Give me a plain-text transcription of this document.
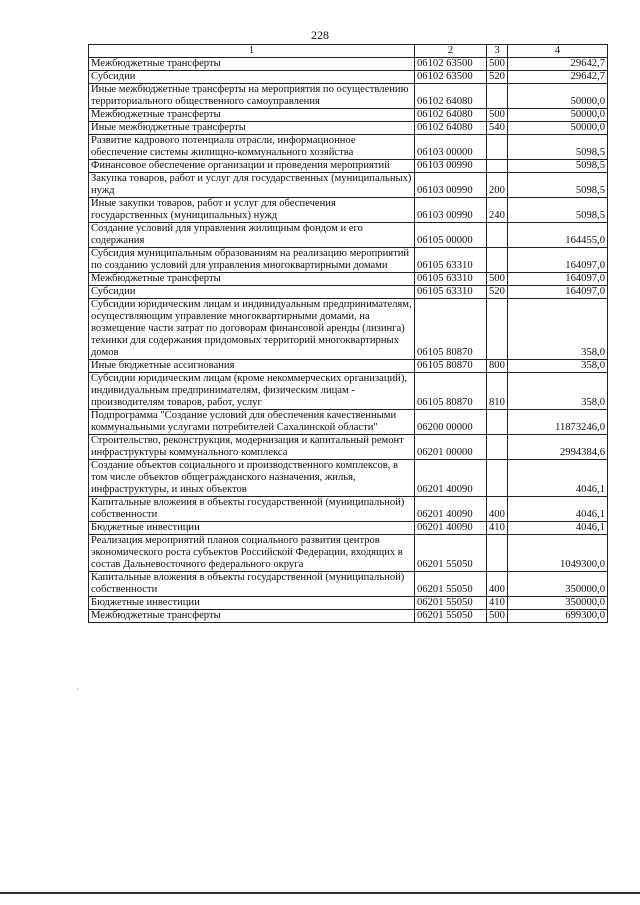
228
1	2	3	4
Межбюджетные трансферты	06102 63500	500	29642,7
Субсидии	06102 63500	520	29642,7
Иные межбюджетные трансферты на мероприятия по осуществлению территориального общественного самоуправления	06102 64080		50000,0
Межбюджетные трансферты	06102 64080	500	50000,0
Иные межбюджетные трансферты	06102 64080	540	50000,0
Развитие кадрового потенциала отрасли, информационное обеспечение системы жилищно-коммунального хозяйства	06103 00000		5098,5
Финансовое обеспечение организации и проведения мероприятий	06103 00990		5098,5
Закупка товаров, работ и услуг для государственных (муниципальных) нужд	06103 00990	200	5098,5
Иные закупки товаров, работ и услуг для обеспечения государственных (муниципальных) нужд	06103 00990	240	5098,5
Создание условий для управления жилищным фондом и его содержания	06105 00000		164455,0
Субсидия муниципальным образованиям на реализацию мероприятий по созданию условий для управления многоквартирными домами	06105 63310		164097,0
Межбюджетные трансферты	06105 63310	500	164097,0
Субсидии	06105 63310	520	164097,0
Субсидии юридическим лицам и индивидуальным предпринимателям, осуществляющим управление многоквартирными домами, на возмещение части затрат по договорам финансовой аренды (лизинга) техники для содержания придомовых территорий многоквартирных домов	06105 80870		358,0
Иные бюджетные ассигнования	06105 80870	800	358,0
Субсидии юридическим лицам (кроме некоммерческих организаций), индивидуальным предпринимателям, физическим лицам - производителям товаров, работ, услуг	06105 80870	810	358,0
Подпрограмма "Создание условий для обеспечения качественными коммунальными услугами потребителей Сахалинской области"	06200 00000		11873246,0
Строительство, реконструкция, модернизация и капитальный ремонт инфраструктуры коммунального комплекса	06201 00000		2994384,6
Создание объектов социального и производственного комплексов, в том числе объектов общегражданского назначения, жилья, инфраструктуры, и иных объектов	06201 40090		4046,1
Капитальные вложения в объекты государственной (муниципальной) собственности	06201 40090	400	4046,1
Бюджетные инвестиции	06201 40090	410	4046,1
Реализация мероприятий планов социального развития центров экономического роста субъектов Российской Федерации, входящих в состав Дальневосточного федерального округа	06201 55050		1049300,0
Капитальные вложения в объекты государственной (муниципальной) собственности	06201 55050	400	350000,0
Бюджетные инвестиции	06201 55050	410	350000,0
Межбюджетные трансферты	06201 55050	500	699300,0
·
